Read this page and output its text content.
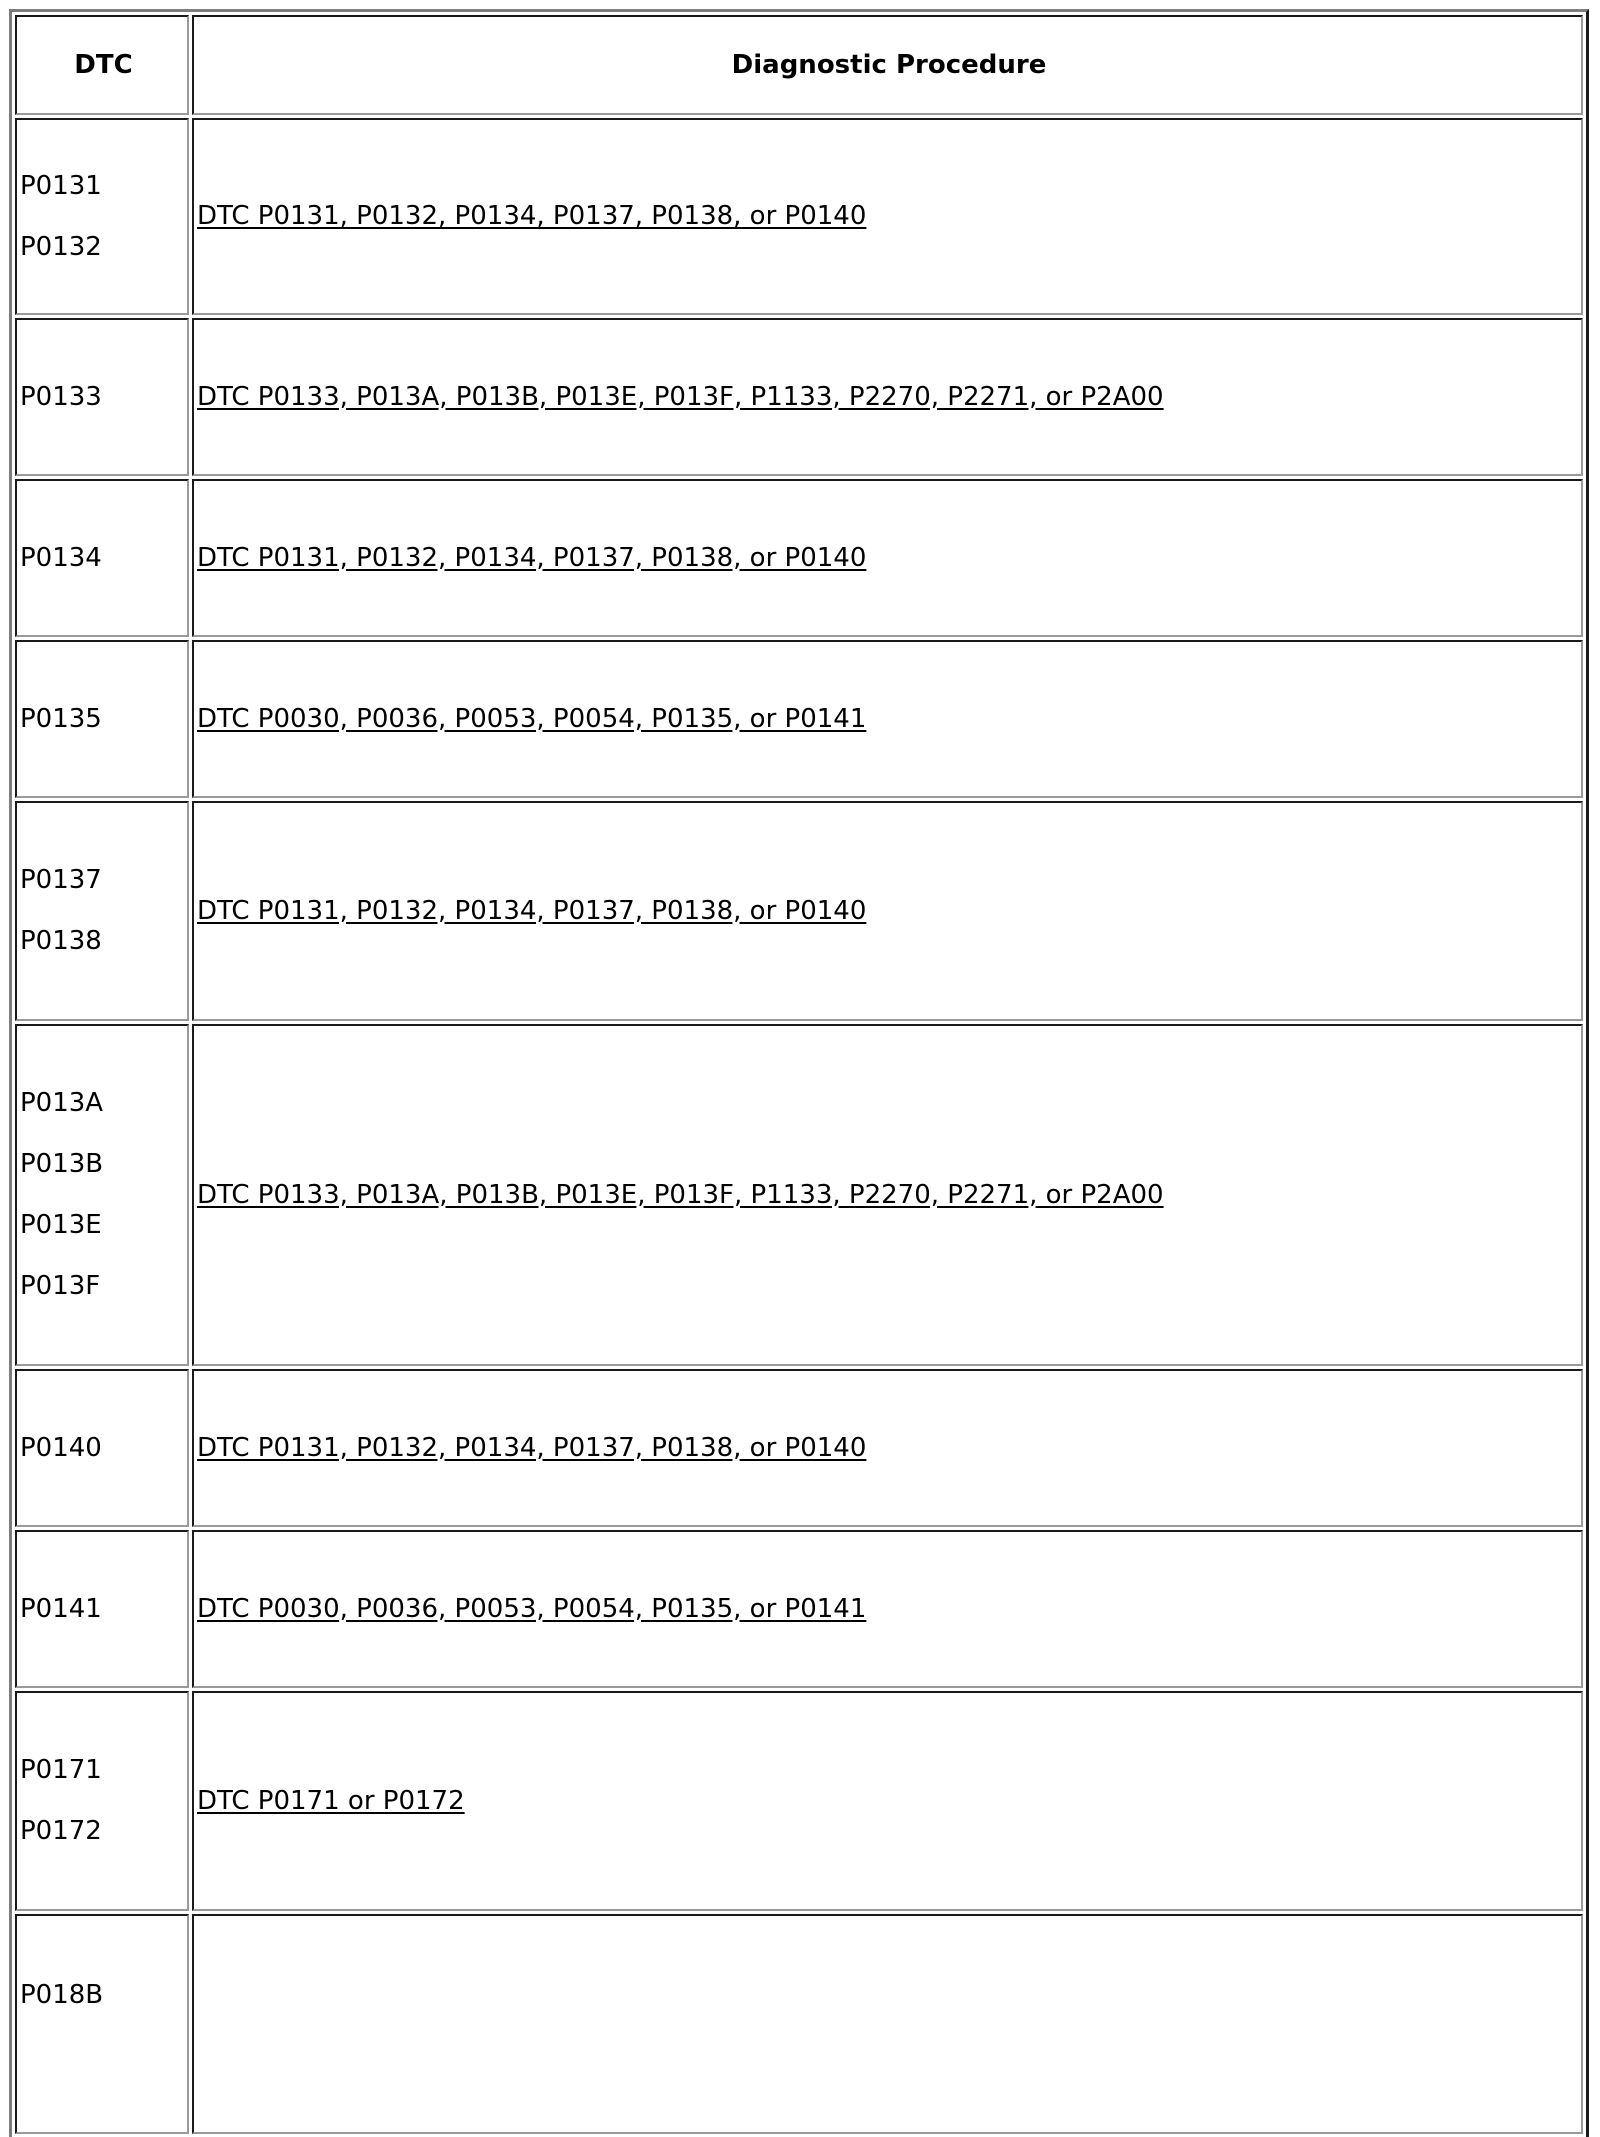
DTC	Diagnostic Procedure

P0131
P0132	DTC P0131, P0132, P0134, P0137, P0138, or P0140

P0133	DTC P0133, P013A, P013B, P013E, P013F, P1133, P2270, P2271, or P2A00

P0134	DTC P0131, P0132, P0134, P0137, P0138, or P0140

P0135	DTC P0030, P0036, P0053, P0054, P0135, or P0141

P0137
P0138	DTC P0131, P0132, P0134, P0137, P0138, or P0140

P013A
P013B
P013E
P013F	DTC P0133, P013A, P013B, P013E, P013F, P1133, P2270, P2271, or P2A00

P0140	DTC P0131, P0132, P0134, P0137, P0138, or P0140

P0141	DTC P0030, P0036, P0053, P0054, P0135, or P0141

P0171
P0172	DTC P0171 or P0172

P018B	
